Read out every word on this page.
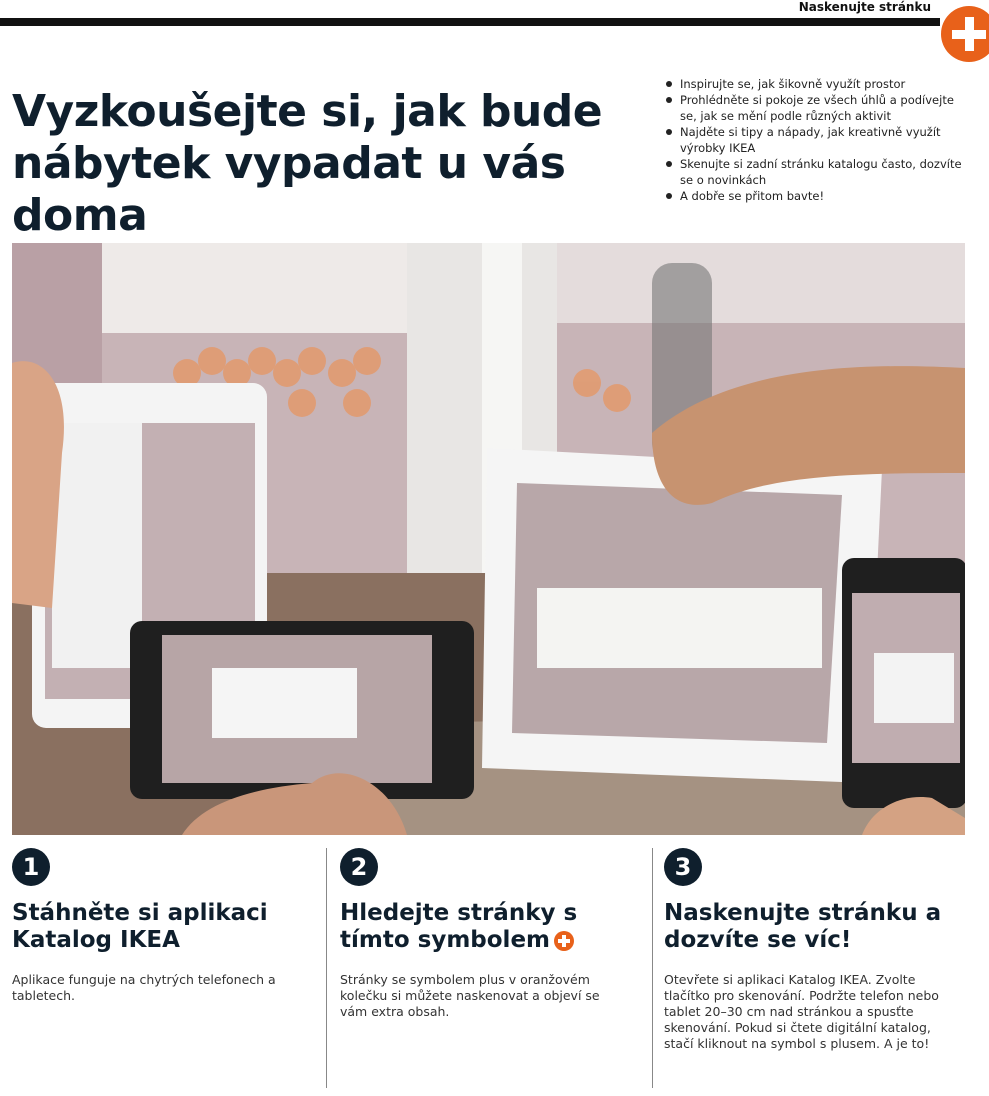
Naskenujte stránku
Vyzkoušejte si, jak bude nábytek vypadat u vás doma
Inspirujte se, jak šikovně využít prostor
Prohlédněte si pokoje ze všech úhlů a podívejte se, jak se mění podle různých aktivit
Najděte si tipy a nápady, jak kreativně využít výrobky IKEA
Skenujte si zadní stránku katalogu často, dozvíte se o novinkách
A dobře se přitom bavte!
1
Stáhněte si aplikaci Katalog IKEA

Aplikace funguje na chytrých telefonech a tabletech.

2
Hledejte stránky s tímto symbolem

Stránky se symbolem plus v oranžovém kolečku si můžete naskenovat a objeví se vám extra obsah.

3
Naskenujte stránku a dozvíte se víc!

Otevřete si aplikaci Katalog IKEA. Zvolte tlačítko pro skenování. Podržte telefon nebo tablet 20–30 cm nad stránkou a spusťte skenování. Pokud si čtete digitální katalog, stačí kliknout na symbol s plusem. A je to!
